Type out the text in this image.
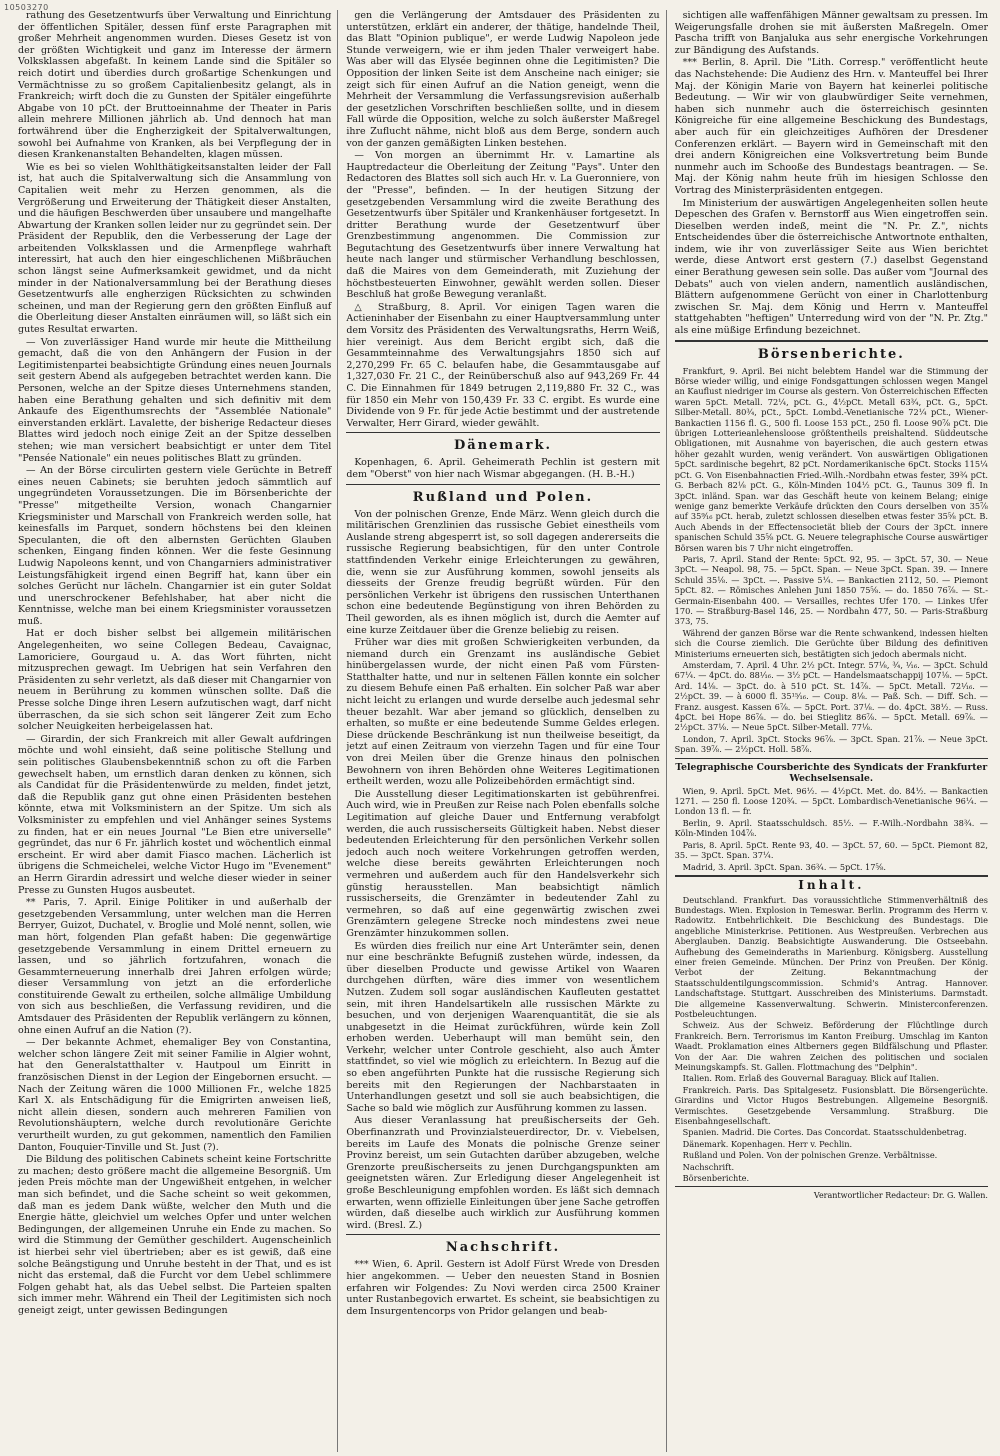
10503270

rathung des Gesetzentwurfs über Verwaltung und Einrichtung der öffentlichen Spitäler, dessen fünf erste Paragraphen mit großer Mehrheit angenommen wurden. Dieses Gesetz ist von der größten Wichtigkeit und ganz im Interesse der ärmern Volksklassen abgefaßt. In keinem Lande sind die Spitäler so reich dotirt und überdies durch großartige Schenkungen und Vermächtnisse zu so großem Capitalienbesitz gelangt, als in Frankreich; wirft doch die zu Gunsten der Spitäler eingeführte Abgabe von 10 pCt. der Bruttoeinnahme der Theater in Paris allein mehrere Millionen jährlich ab. Und dennoch hat man fortwährend über die Engherzigkeit der Spitalverwaltungen, sowohl bei Aufnahme von Kranken, als bei Verpflegung der in diesen Krankenanstalten Behandelten, klagen müssen.

Wie es bei so vielen Wohlthätigkeitsanstalten leider der Fall ist, hat auch die Spitalverwaltung sich die Ansammlung von Capitalien weit mehr zu Herzen genommen, als die Vergrößerung und Erweiterung der Thätigkeit dieser Anstalten, und die häufigen Beschwerden über unsaubere und mangelhafte Abwartung der Kranken sollen leider nur zu gegründet sein. Der Präsident der Republik, den die Verbesserung der Lage der arbeitenden Volksklassen und die Armenpflege wahrhaft interessirt, hat auch den hier eingeschlichenen Mißbräuchen schon längst seine Aufmerksamkeit gewidmet, und da nicht minder in der Nationalversammlung bei der Berathung dieses Gesetzentwurfs alle engherzigen Rücksichten zu schwinden scheinen, und man der Regierung gern den größten Einfluß auf die Oberleitung dieser Anstalten einräumen will, so läßt sich ein gutes Resultat erwarten.

— Von zuverlässiger Hand wurde mir heute die Mittheilung gemacht, daß die von den Anhängern der Fusion in der Legitimistenpartei beabsichtigte Gründung eines neuen Journals seit gestern Abend als aufgegeben betrachtet werden kann. Die Personen, welche an der Spitze dieses Unternehmens standen, haben eine Berathung gehalten und sich definitiv mit dem Ankaufe des Eigenthumsrechts der "Assemblée Nationale" einverstanden erklärt. Lavalette, der bisherige Redacteur dieses Blattes wird jedoch noch einige Zeit an der Spitze desselben stehen; wie man versichert beabsichtigt er unter dem Titel "Pensée Nationale" ein neues politisches Blatt zu gründen.

— An der Börse circulirten gestern viele Gerüchte in Betreff eines neuen Cabinets; sie beruhten jedoch sämmtlich auf ungegründeten Voraussetzungen. Die im Börsenberichte der "Presse" mitgetheilte Version, wonach Changarnier Kriegsminister und Marschall von Frankreich werden solle, hat keinesfalls im Parquet, sondern höchstens bei den kleinen Speculanten, die oft den albernsten Gerüchten Glauben schenken, Eingang finden können. Wer die feste Gesinnung Ludwig Napoleons kennt, und von Changarniers administrativer Leistungsfähigkeit irgend einen Begriff hat, kann über ein solches Gerücht nur lächeln. Changarnier ist ein guter Soldat und unerschrockener Befehlshaber, hat aber nicht die Kenntnisse, welche man bei einem Kriegsminister voraussetzen muß.

Hat er doch bisher selbst bei allgemein militärischen Angelegenheiten, wo seine Collegen Bedeau, Cavaignac, Lamoriciere, Gourgaud u. A. das Wort führten, nicht mitzusprechen gewagt. Im Uebrigen hat sein Verfahren den Präsidenten zu sehr verletzt, als daß dieser mit Changarnier von neuem in Berührung zu kommen wünschen sollte. Daß die Presse solche Dinge ihren Lesern aufzutischen wagt, darf nicht überraschen, da sie sich schon seit längerer Zeit zum Echo solcher Neuigkeiten herbeigelassen hat.

— Girardin, der sich Frankreich mit aller Gewalt aufdringen möchte und wohl einsieht, daß seine politische Stellung und sein politisches Glaubensbekenntniß schon zu oft die Farben gewechselt haben, um ernstlich daran denken zu können, sich als Candidat für die Präsidentenwürde zu melden, findet jetzt, daß die Republik ganz gut ohne einen Präsidenten bestehen könnte, etwa mit Volksministern an der Spitze. Um sich als Volksminister zu empfehlen und viel Anhänger seines Systems zu finden, hat er ein neues Journal "Le Bien etre universelle" gegründet, das nur 6 Fr. jährlich kostet und wöchentlich einmal erscheint. Er wird aber damit Fiasco machen. Lächerlich ist übrigens die Schmeichelei, welche Victor Hugo im "Evenement" an Herrn Girardin adressirt und welche dieser wieder in seiner Presse zu Gunsten Hugos ausbeutet.

** Paris, 7. April. Einige Politiker in und außerhalb der gesetzgebenden Versammlung, unter welchen man die Herren Berryer, Guizot, Duchatel, v. Broglie und Molé nennt, sollen, wie man hört, folgenden Plan gefaßt haben: Die gegenwärtige gesetzgebende Versammlung in einem Drittel erneuern zu lassen, und so jährlich fortzufahren, wonach die Gesammterneuerung innerhalb drei Jahren erfolgen würde; dieser Versammlung von jetzt an die erforderliche constituirende Gewalt zu ertheilen, solche allmälige Umbildung von sich aus beschließen, die Verfassung revidiren, und die Amtsdauer des Präsidenten der Republik verlängern zu können, ohne einen Aufruf an die Nation (?).

— Der bekannte Achmet, ehemaliger Bey von Constantina, welcher schon längere Zeit mit seiner Familie in Algier wohnt, hat den Generalstatthalter v. Hautpoul um Einritt in französischen Dienst in der Legion der Eingebornen ersucht. — Nach der Zeitung wären die 1000 Millionen Fr., welche 1825 Karl X. als Entschädigung für die Emigrirten anweisen ließ, nicht allein diesen, sondern auch mehreren Familien von Revolutionshäuptern, welche durch revolutionäre Gerichte verurtheilt wurden, zu gut gekommen, namentlich den Familien Danton, Fouquier-Tinville und St. Just (?).

Die Bildung des politischen Cabinets scheint keine Fortschritte zu machen; desto größere macht die allgemeine Besorgniß. Um jeden Preis möchte man der Ungewißheit entgehen, in welcher man sich befindet, und die Sache scheint so weit gekommen, daß man es jedem Dank wüßte, welcher den Muth und die Energie hätte, gleichviel um welches Opfer und unter welchen Bedingungen, der allgemeinen Unruhe ein Ende zu machen. So wird die Stimmung der Gemüther geschildert. Augenscheinlich ist hierbei sehr viel übertrieben; aber es ist gewiß, daß eine solche Beängstigung und Unruhe besteht in der That, und es ist nicht das erstemal, daß die Furcht vor dem Uebel schlimmere Folgen gehabt hat, als das Uebel selbst. Die Parteien spalten sich immer mehr. Während ein Theil der Legitimisten sich noch geneigt zeigt, unter gewissen Bedingungen

gen die Verlängerung der Amtsdauer des Präsidenten zu unterstützen, erklärt ein anderer, der thätige, handelnde Theil, das Blatt "Opinion publique", er werde Ludwig Napoleon jede Stunde verweigern, wie er ihm jeden Thaler verweigert habe. Was aber will das Elysée beginnen ohne die Legitimisten? Die Opposition der linken Seite ist dem Anscheine nach einiger; sie zeigt sich für einen Aufruf an die Nation geneigt, wenn die Mehrheit der Versammlung die Verfassungsrevision außerhalb der gesetzlichen Vorschriften beschließen sollte, und in diesem Fall würde die Opposition, welche zu solch äußerster Maßregel ihre Zuflucht nähme, nicht bloß aus dem Berge, sondern auch von der ganzen gemäßigten Linken bestehen.

— Von morgen an übernimmt Hr. v. Lamartine als Hauptredacteur die Oberleitung der Zeitung "Pays". Unter den Redactoren des Blattes soll sich auch Hr. v. La Gueronniere, von der "Presse", befinden. — In der heutigen Sitzung der gesetzgebenden Versammlung wird die zweite Berathung des Gesetzentwurfs über Spitäler und Krankenhäuser fortgesetzt. In dritter Berathung wurde der Gesetzentwurf über Grenzbestimmung angenommen. Die Commission zur Begutachtung des Gesetzentwurfs über innere Verwaltung hat heute nach langer und stürmischer Verhandlung beschlossen, daß die Maires von dem Gemeinderath, mit Zuziehung der höchstbesteuerten Einwohner, gewählt werden sollen. Dieser Beschluß hat große Bewegung veranlaßt.

△ Straßburg, 8. April. Vor einigen Tagen waren die Actieninhaber der Eisenbahn zu einer Hauptversammlung unter dem Vorsitz des Präsidenten des Verwaltungsraths, Herrn Weiß, hier vereinigt. Aus dem Bericht ergibt sich, daß die Gesammteinnahme des Verwaltungsjahrs 1850 sich auf 2,270,299 Fr. 65 C. belaufen habe, die Gesammtausgabe auf 1,327,030 Fr. 21 C., der Reinüberschuß also auf 943,269 Fr. 44 C. Die Einnahmen für 1849 betrugen 2,119,880 Fr. 32 C., was für 1850 ein Mehr von 150,439 Fr. 33 C. ergibt. Es wurde eine Dividende von 9 Fr. für jede Actie bestimmt und der austretende Verwalter, Herr Girard, wieder gewählt.

Dänemark.

Kopenhagen, 6. April. Geheimerath Pechlin ist gestern mit dem "Oberst" von hier nach Wismar abgegangen. (H. B.-H.)

Rußland und Polen.

Von der polnischen Grenze, Ende März. Wenn gleich durch die militärischen Grenzlinien das russische Gebiet einestheils vom Auslande streng abgesperrt ist, so soll dagegen andererseits die russische Regierung beabsichtigen, für den unter Controle stattfindenden Verkehr einige Erleichterungen zu gewähren, die, wenn sie zur Ausführung kommen, sowohl jenseits als diesseits der Grenze freudig begrüßt würden. Für den persönlichen Verkehr ist übrigens den russischen Unterthanen schon eine bedeutende Begünstigung von ihren Behörden zu Theil geworden, als es ihnen möglich ist, durch die Aemter auf eine kurze Zeitdauer über die Grenze beliebig zu reisen.

Früher war dies mit großen Schwierigkeiten verbunden, da niemand durch ein Grenzamt ins ausländische Gebiet hinübergelassen wurde, der nicht einen Paß vom Fürsten-Statthalter hatte, und nur in seltenen Fällen konnte ein solcher zu diesem Behufe einen Paß erhalten. Ein solcher Paß war aber nicht leicht zu erlangen und wurde derselbe auch jedesmal sehr theuer bezahlt. War aber jemand so glücklich, denselben zu erhalten, so mußte er eine bedeutende Summe Geldes erlegen. Diese drückende Beschränkung ist nun theilweise beseitigt, da jetzt auf einen Zeitraum von vierzehn Tagen und für eine Tour von drei Meilen über die Grenze hinaus den polnischen Bewohnern von ihren Behörden ohne Weiteres Legitimationen ertheilt werden, wozu alle Polizeibehörden ermächtigt sind.

Die Ausstellung dieser Legitimationskarten ist gebührenfrei. Auch wird, wie in Preußen zur Reise nach Polen ebenfalls solche Legitimation auf gleiche Dauer und Entfernung verabfolgt werden, die auch russischerseits Gültigkeit haben. Nebst dieser bedeutenden Erleichterung für den persönlichen Verkehr sollen jedoch auch noch weitere Vorkehrungen getroffen werden, welche diese bereits gewährten Erleichterungen noch vermehren und außerdem auch für den Handelsverkehr sich günstig herausstellen. Man beabsichtigt nämlich russischerseits, die Grenzämter in bedeutender Zahl zu vermehren, so daß auf eine gegenwärtig zwischen zwei Grenzämtern gelegene Strecke noch mindestens zwei neue Grenzämter hinzukommen sollen.

Es würden dies freilich nur eine Art Unterämter sein, denen nur eine beschränkte Befugniß zustehen würde, indessen, da über dieselben Producte und gewisse Artikel von Waaren durchgehen dürften, wäre dies immer von wesentlichem Nutzen. Zudem soll sogar ausländischen Kaufleuten gestattet sein, mit ihren Handelsartikeln alle russischen Märkte zu besuchen, und von derjenigen Waarenquantität, die sie als unabgesetzt in die Heimat zurückführen, würde kein Zoll erhoben werden. Ueberhaupt will man bemüht sein, den Verkehr, welcher unter Controle geschieht, also auch Ämter stattfindet, so viel wie möglich zu erleichtern. In Bezug auf die so eben angeführten Punkte hat die russische Regierung sich bereits mit den Regierungen der Nachbarstaaten in Unterhandlungen gesetzt und soll sie auch beabsichtigen, die Sache so bald wie möglich zur Ausführung kommen zu lassen.

Aus dieser Veranlassung hat preußischerseits der Geh. Oberfinanzrath und Provinzialsteuerdirector, Dr. v. Viebelsen, bereits im Laufe des Monats die polnische Grenze seiner Provinz bereist, um sein Gutachten darüber abzugeben, welche Grenzorte preußischerseits zu jenen Durchgangspunkten am geeignetsten wären. Zur Erledigung dieser Angelegenheit ist große Beschleunigung empfohlen worden. Es läßt sich demnach erwarten, wenn offizielle Einleitungen über jene Sache getroffen würden, daß dieselbe auch wirklich zur Ausführung kommen wird. (Bresl. Z.)

Nachschrift.

*** Wien, 6. April. Gestern ist Adolf Fürst Wrede von Dresden hier angekommen. — Ueber den neuesten Stand in Bosnien erfahren wir Folgendes: Zu Novi werden circa 2500 Krainer unter Rustanbegovich erwartet. Es scheint, sie beabsichtigen zu dem Insurgentencorps von Pridor gelangen und beab-

sichtigen alle waffenfähigen Männer gewaltsam zu pressen. Im Weigerungsfalle drohen sie mit äußersten Maßregeln. Omer Pascha trifft von Banjaluka aus sehr energische Vorkehrungen zur Bändigung des Aufstands.

*** Berlin, 8. April. Die "Lith. Corresp." veröffentlicht heute das Nachstehende: Die Audienz des Hrn. v. Manteuffel bei Ihrer Maj. der Königin Marie von Bayern hat keinerlei politische Bedeutung. — Wir wir von glaubwürdiger Seite vernehmen, haben sich nunmehr auch die österreichisch gesinnten Königreiche für eine allgemeine Beschickung des Bundestags, aber auch für ein gleichzeitiges Aufhören der Dresdener Conferenzen erklärt. — Bayern wird in Gemeinschaft mit den drei andern Königreichen eine Volksvertretung beim Bunde nunmehr auch im Schooße des Bundestags beantragen. — Se. Maj. der König nahm heute früh im hiesigen Schlosse den Vortrag des Ministerpräsidenten entgegen.

Im Ministerium der auswärtigen Angelegenheiten sollen heute Depeschen des Grafen v. Bernstorff aus Wien eingetroffen sein. Dieselben werden indeß, meint die "N. Pr. Z.", nichts Entscheidendes über die österreichische Antwortnote enthalten, indem, wie ihr von zuverlässiger Seite aus Wien berichtet werde, diese Antwort erst gestern (7.) daselbst Gegenstand einer Berathung gewesen sein solle. Das außer vom "Journal des Debats" auch von vielen andern, namentlich ausländischen, Blättern aufgenommene Gerücht von einer in Charlottenburg zwischen Sr. Maj. dem König und Herrn v. Manteuffel stattgehabten "heftigen" Unterredung wird von der "N. Pr. Ztg." als eine müßige Erfindung bezeichnet.

Börsenberichte.

Frankfurt, 9. April. Bei nicht belebtem Handel war die Stimmung der Börse wieder willig, und einige Fondsgattungen schlossen wegen Mangel an Kauflust niedriger im Course als gestern. Von Österreichischen Effecten waren 5pCt. Metall. 72¼, pCt. G., 4½pCt. Metall 63¾, pCt. G., 5pCt. Silber-Metall. 80¾, pCt., 5pCt. Lombd.-Venetianische 72¼ pCt., Wiener-Bankactien 1156 fl. G., 500 fl. Loose 153 pCt., 250 fl. Loose 90⅞ pCt. Die übrigen Lotterieanlehensloose größtentheils preishaltend. Süddeutsche Obligationen, mit Ausnahme von bayerischen, die auch gestern etwas höher gezahlt wurden, wenig verändert. Von auswärtigen Obligationen 5pCt. sardinische begehrt, 82 pCt. Nordamerikanische 6pCt. Stocks 115¼ pCt. G. Von Eisenbahnactien Fried.-Wilh.-Nordbahn etwas fester, 39¾ pCt. G. Berbach 82⅛ pCt. G., Köln-Minden 104½ pCt. G., Taunus 309 fl. In 3pCt. inländ. Span. war das Geschäft heute von keinem Belang; einige wenige ganz bemerkte Verkäufe drückten den Cours derselben von 35⅞ auf 35⁹⁄₁₆ pCt. herab, zuletzt schlossen dieselben etwas fester 35⅝ pCt. B. Auch Abends in der Effectensocietät blieb der Cours der 3pCt. innere spanischen Schuld 35⅝ pCt. G. Neuere telegraphische Course auswärtiger Börsen waren bis 7 Uhr nicht eingetroffen.

Paris, 7. April. Stand der Rente: 5pCt. 92, 95. — 3pCt. 57, 30. — Neue 3pCt. — Neapol. 98, 75. — 5pCt. Span. — Neue 3pCt. Span. 39. — Innere Schuld 35⅛. — 3pCt. —. Passive 5¼. — Bankactien 2112, 50. — Piemont 5pCt. 82. — Römisches Anlehen Juni 1850 75⅝. — do. 1850 76⅞. — St.-Germain-Eisenbahn 400. — Versailles, rechtes Ufer 170. — Linkes Ufer 170. — Straßburg-Basel 146, 25. — Nordbahn 477, 50. — Paris-Straßburg 373, 75.

Während der ganzen Börse war die Rente schwankend, indessen hielten sich die Course ziemlich. Die Gerüchte über Bildung des definitiven Ministeriums erneuerten sich, bestätigten sich jedoch abermals nicht.

Amsterdam, 7. April. 4 Uhr. 2½ pCt. Integr. 57⅛, ¾, ¹⁄₁₆. — 3pCt. Schuld 67¼. — 4pCt. do. 88¹⁄₁₆. — 3½ pCt. — Handelsmaatschappij 107⅛. — 5pCt. Ard. 14⅛. — 3pCt. do. à 510 pCt. St. 14⅞. — 5pCt. Metall. 72¹⁄₁₆. — 2½pCt. 39. — à 6000 fl. 35¹⁵⁄₁₆. — Coup. 8⅛. — Paß. Sch. — Diff. Sch. — Franz. ausgest. Kassen 6⅞. — 5pCt. Port. 37⅛. — do. 4pCt. 38½. — Russ. 4pCt. bei Hope 86⅞. — do. bei Stieglitz 86⅞. — 5pCt. Metall. 69⅞. — 2½pCt. 37⅛. — Neue 5pCt. Silber-Metall. 77⅛.

London, 7. April. 3pCt. Stocks 96⅞. — 3pCt. Span. 21⅞. — Neue 3pCt. Span. 39⅞. — 2½pCt. Holl. 58⅞.

Telegraphische Coursberichte des Syndicats der Frankfurter Wechselsensale.

Wien, 9. April. 5pCt. Met. 96½. — 4½pCt. Met. do. 84½. — Bankactien 1271. — 250 fl. Loose 120¾. — 5pCt. Lombardisch-Venetianische 96¼. — London 13 fl. — fr.

Berlin, 9. April. Staatsschuldsch. 85½. — F.-Wilh.-Nordbahn 38¾. — Köln-Minden 104⅞.

Paris, 8. April. 5pCt. Rente 93, 40. — 3pCt. 57, 60. — 5pCt. Piemont 82, 35. — 3pCt. Span. 37¼.

Madrid, 3. April. 3pCt. Span. 36¾. — 5pCt. 17⅝.

Inhalt.

Deutschland. Frankfurt. Das voraussichtliche Stimmenverhältniß des Bundestags. Wien. Explosion in Temeswar. Berlin. Programm des Herrn v. Radowitz. Entbehrlichkeit. Die Beschickung des Bundestags. Die angebliche Ministerkrise. Petitionen. Aus Westpreußen. Verbrechen aus Aberglauben. Danzig. Beabsichtigte Auswanderung. Die Ostseebahn. Aufhebung des Gemeinderaths in Marienburg. Königsberg. Ausstellung einer freien Gemeinde. München. Der Prinz von Preußen. Der König. Verbot der Zeitung. Bekanntmachung der Staatsschuldentilgungscommission. Schmid's Antrag. Hannover. Landschaftstage. Stuttgart. Ausschreiben des Ministeriums. Darmstadt. Die allgemeine Kassenverwaltung. Schwerin. Ministerconferenzen. Postbeleuchtungen.

Schweiz. Aus der Schweiz. Beförderung der Flüchtlinge durch Frankreich. Bern. Terrorismus im Kanton Freiburg. Umschlag im Kanton Waadt. Proklamation eines Altberners gegen Bildfälschung und Pflaster. Von der Aar. Die wahren Zeichen des politischen und socialen Meinungskampfs. St. Gallen. Flottmachung des "Delphin".

Italien. Rom. Erlaß des Gouvernal Baraguay. Blick auf Italien.

Frankreich. Paris. Das Spitalgesetz. Fusionsblatt. Die Börsengerüchte. Girardins und Victor Hugos Bestrebungen. Allgemeine Besorgniß. Vermischtes. Gesetzgebende Versammlung. Straßburg. Die Eisenbahngesellschaft.

Spanien. Madrid. Die Cortes. Das Concordat. Staatsschuldenbetrag.

Dänemark. Kopenhagen. Herr v. Pechlin.

Rußland und Polen. Von der polnischen Grenze. Verbältnisse.

Nachschrift.

Börsenberichte.

Verantwortlicher Redacteur: Dr. G. Wallen.
